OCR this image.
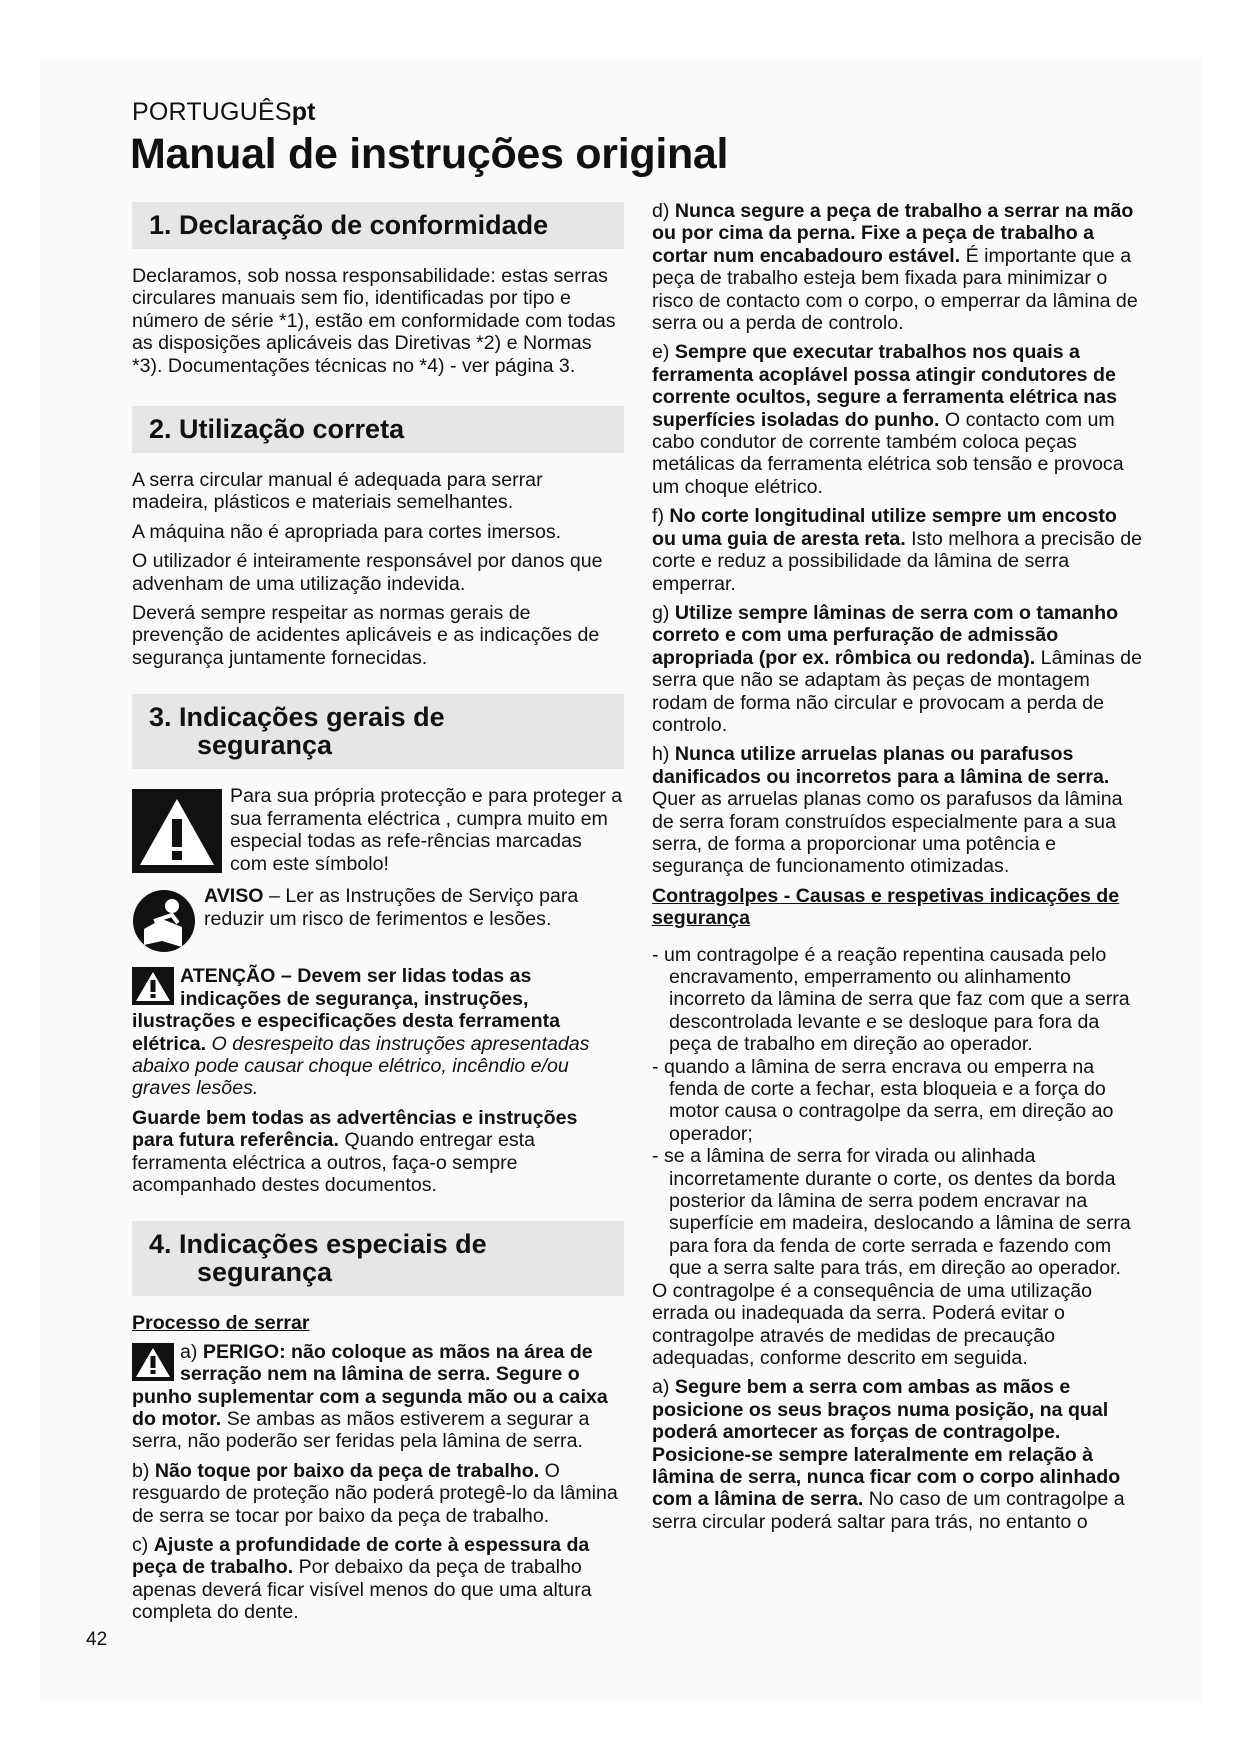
PORTUGUÊSpt
Manual de instruções original
1. Declaração de conformidade

Declaramos, sob nossa responsabilidade: estas serras circulares manuais sem fio, identificadas por tipo e número de série *1), estão em conformidade com todas as disposições aplicáveis das Diretivas *2) e Normas *3). Documentações técnicas no *4) - ver página 3.

2. Utilização correta

A serra circular manual é adequada para serrar madeira, plásticos e materiais semelhantes.

A máquina não é apropriada para cortes imersos.

O utilizador é inteiramente responsável por danos que advenham de uma utilização indevida.

Deverá sempre respeitar as normas gerais de prevenção de acidentes aplicáveis e as indicações de segurança juntamente fornecidas.

3. Indicações gerais de
segurança
Para sua própria protecção e para proteger a sua ferramenta eléctrica , cumpra muito em especial todas as refe-rências marcadas com este símbolo!
AVISO – Ler as Instruções de Serviço para reduzir um risco de ferimentos e lesões.

ATENÇÃO – Devem ser lidas todas as indicações de segurança, instruções, ilustrações e especificações desta ferramenta elétrica. O desrespeito das instruções apresentadas abaixo pode causar choque elétrico, incêndio e/ou graves lesões.

Guarde bem todas as advertências e instruções para futura referência. Quando entregar esta ferramenta eléctrica a outros, faça-o sempre acompanhado destes documentos.

4. Indicações especiais de
segurança
Processo de serrar

a) PERIGO: não coloque as mãos na área de serração nem na lâmina de serra. Segure o punho suplementar com a segunda mão ou a caixa do motor. Se ambas as mãos estiverem a segurar a serra, não poderão ser feridas pela lâmina de serra.

b) Não toque por baixo da peça de trabalho. O resguardo de proteção não poderá protegê-lo da lâmina de serra se tocar por baixo da peça de trabalho.

c) Ajuste a profundidade de corte à espessura da peça de trabalho. Por debaixo da peça de trabalho apenas deverá ficar visível menos do que uma altura completa do dente.

d) Nunca segure a peça de trabalho a serrar na mão ou por cima da perna. Fixe a peça de trabalho a cortar num encabadouro estável. É importante que a peça de trabalho esteja bem fixada para minimizar o risco de contacto com o corpo, o emperrar da lâmina de serra ou a perda de controlo.

e) Sempre que executar trabalhos nos quais a ferramenta acoplável possa atingir condutores de corrente ocultos, segure a ferramenta elétrica nas superfícies isoladas do punho. O contacto com um cabo condutor de corrente também coloca peças metálicas da ferramenta elétrica sob tensão e provoca um choque elétrico.

f) No corte longitudinal utilize sempre um encosto ou uma guia de aresta reta. Isto melhora a precisão de corte e reduz a possibilidade da lâmina de serra emperrar.

g) Utilize sempre lâminas de serra com o tamanho correto e com uma perfuração de admissão apropriada (por ex. rômbica ou redonda). Lâminas de serra que não se adaptam às peças de montagem rodam de forma não circular e provocam a perda de controlo.

h) Nunca utilize arruelas planas ou parafusos danificados ou incorretos para a lâmina de serra. Quer as arruelas planas como os parafusos da lâmina de serra foram construídos especialmente para a sua serra, de forma a proporcionar uma potência e segurança de funcionamento otimizadas.

Contragolpes - Causas e respetivas indicações de segurança
- um contragolpe é a reação repentina causada pelo encravamento, emperramento ou alinhamento incorreto da lâmina de serra que faz com que a serra descontrolada levante e se desloque para fora da peça de trabalho em direção ao operador.
- quando a lâmina de serra encrava ou emperra na fenda de corte a fechar, esta bloqueia e a força do motor causa o contragolpe da serra, em direção ao operador;
- se a lâmina de serra for virada ou alinhada incorretamente durante o corte, os dentes da borda posterior da lâmina de serra podem encravar na superfície em madeira, deslocando a lâmina de serra para fora da fenda de corte serrada e fazendo com que a serra salte para trás, em direção ao operador.

O contragolpe é a consequência de uma utilização errada ou inadequada da serra. Poderá evitar o contragolpe através de medidas de precaução adequadas, conforme descrito em seguida.

a) Segure bem a serra com ambas as mãos e posicione os seus braços numa posição, na qual poderá amortecer as forças de contragolpe. Posicione-se sempre lateralmente em relação à lâmina de serra, nunca ficar com o corpo alinhado com a lâmina de serra. No caso de um contragolpe a serra circular poderá saltar para trás, no entanto o

42
